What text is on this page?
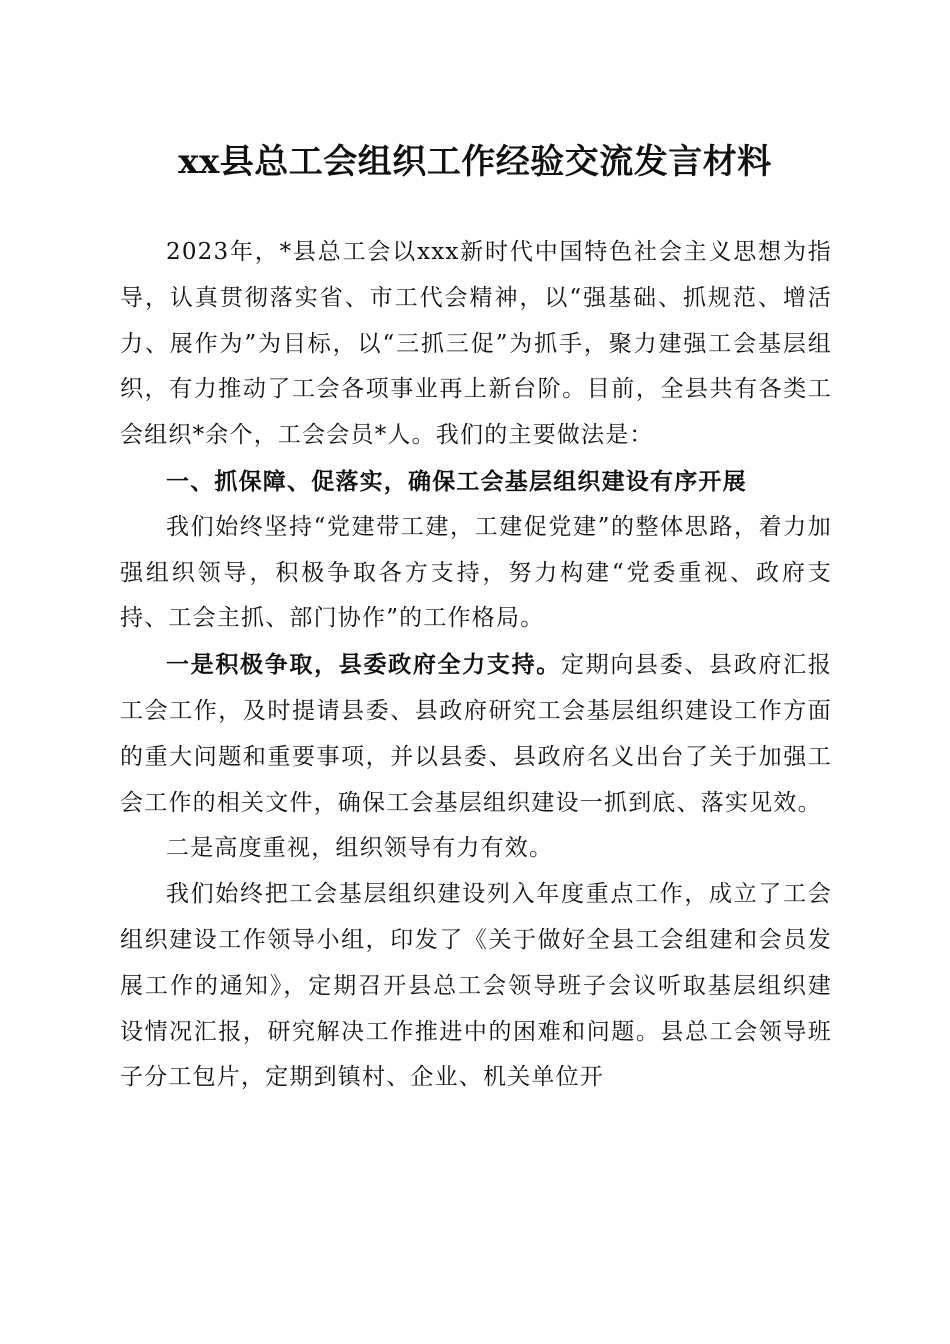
xx县总工会组织工作经验交流发言材料

2023年，*县总工会以xxx新时代中国特色社会主义思想为指导，认真贯彻落实省、市工代会精神，以“强基础、抓规范、增活力、展作为”为目标，以“三抓三促”为抓手，聚力建强工会基层组织，有力推动了工会各项事业再上新台阶。目前，全县共有各类工会组织*余个，工会会员*人。我们的主要做法是：

一、抓保障、促落实，确保工会基层组织建设有序开展

我们始终坚持“党建带工建，工建促党建”的整体思路，着力加强组织领导，积极争取各方支持，努力构建“党委重视、政府支持、工会主抓、部门协作”的工作格局。

一是积极争取，县委政府全力支持。定期向县委、县政府汇报工会工作，及时提请县委、县政府研究工会基层组织建设工作方面的重大问题和重要事项，并以县委、县政府名义出台了关于加强工会工作的相关文件，确保工会基层组织建设一抓到底、落实见效。

二是高度重视，组织领导有力有效。

我们始终把工会基层组织建设列入年度重点工作，成立了工会组织建设工作领导小组，印发了《关于做好全县工会组建和会员发展工作的通知》，定期召开县总工会领导班子会议听取基层组织建设情况汇报，研究解决工作推进中的困难和问题。县总工会领导班子分工包片，定期到镇村、企业、机关单位开
